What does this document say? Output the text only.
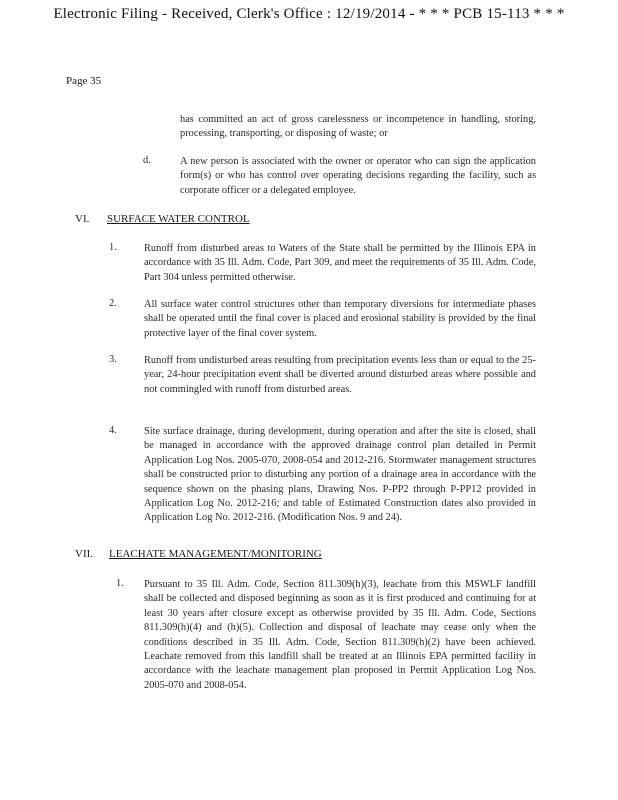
Electronic Filing - Received, Clerk's Office : 12/19/2014 - * * * PCB 15-113 * * *
Page 35
has committed an act of gross carelessness or incompetence in handling, storing, processing, transporting, or disposing of waste; or
d.	A new person is associated with the owner or operator who can sign the application form(s) or who has control over operating decisions regarding the facility, such as corporate officer or a delegated employee.
VI. SURFACE WATER CONTROL
1.	Runoff from disturbed areas to Waters of the State shall be permitted by the Illinois EPA in accordance with 35 Ill. Adm. Code, Part 309, and meet the requirements of 35 Ill. Adm. Code, Part 304 unless permitted otherwise.
2.	All surface water control structures other than temporary diversions for intermediate phases shall be operated until the final cover is placed and erosional stability is provided by the final protective layer of the final cover system.
3.	Runoff from undisturbed areas resulting from precipitation events less than or equal to the 25-year, 24-hour precipitation event shall be diverted around disturbed areas where possible and not commingled with runoff from disturbed areas.
4.	Site surface drainage, during development, during operation and after the site is closed, shall be managed in accordance with the approved drainage control plan detailed in Permit Application Log Nos. 2005-070, 2008-054 and 2012-216. Stormwater management structures shall be constructed prior to disturbing any portion of a drainage area in accordance with the sequence shown on the phasing plans, Drawing Nos. P-PP2 through P-PP12 provided in Application Log No. 2012-216; and table of Estimated Construction dates also provided in Application Log No. 2012-216. (Modification Nos. 9 and 24).
VII. LEACHATE MANAGEMENT/MONITORING
1. Pursuant to 35 Ill. Adm. Code, Section 811.309(h)(3), leachate from this MSWLF landfill shall be collected and disposed beginning as soon as it is first produced and continuing for at least 30 years after closure except as otherwise provided by 35 Ill. Adm. Code, Sections 811.309(h)(4) and (h)(5). Collection and disposal of leachate may cease only when the conditions described in 35 Ill. Adm. Code, Section 811.309(h)(2) have been achieved. Leachate removed from this landfill shall be treated at an Illinois EPA permitted facility in accordance with the leachate management plan proposed in Permit Application Log Nos. 2005-070 and 2008-054.
